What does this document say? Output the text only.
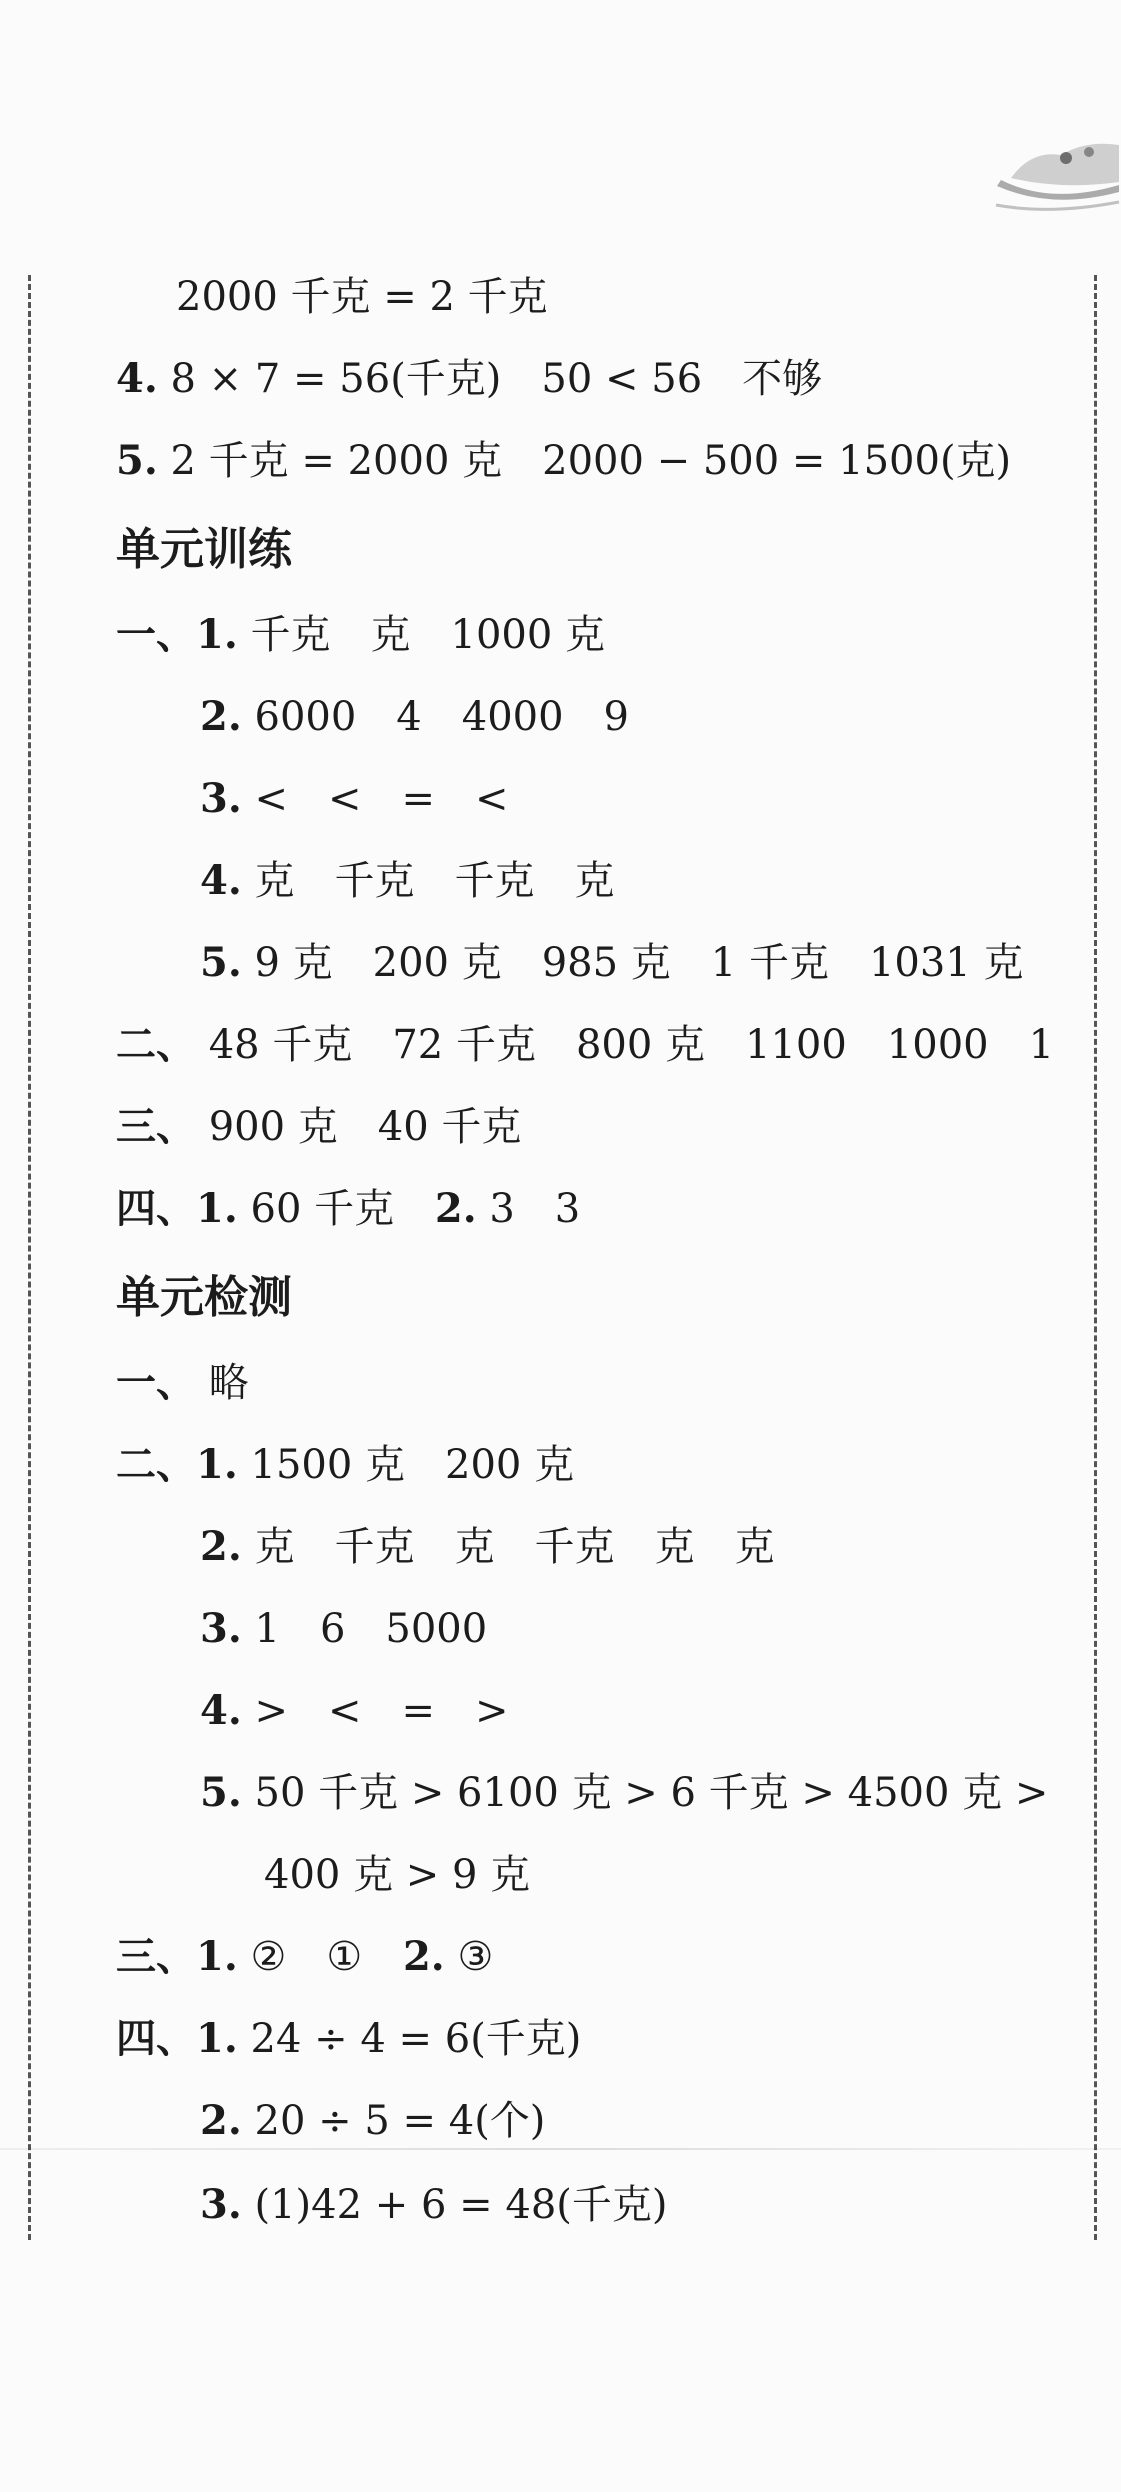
2000 千克 = 2 千克
4. 8 × 7 = 56(千克)　50 < 56　不够
5. 2 千克 = 2000 克　2000 − 500 = 1500(克)
单元训练
一、1. 千克　克　1000 克
2. 6000　4　4000　9
3. <　<　=　<
4. 克　千克　千克　克
5. 9 克　200 克　985 克　1 千克　1031 克
二、 48 千克　72 千克　800 克　1100　1000　1
三、 900 克　40 千克
四、1. 60 千克 2. 3　3
单元检测
一、 略
二、1. 1500 克　200 克
2. 克　千克　克　千克　克　克
3. 1　6　5000
4. >　<　=　>
5. 50 千克 > 6100 克 > 6 千克 > 4500 克 >
400 克 > 9 克
三、1. ②　① 2. ③
四、1. 24 ÷ 4 = 6(千克)
2. 20 ÷ 5 = 4(个)
3. (1)42 + 6 = 48(千克)
